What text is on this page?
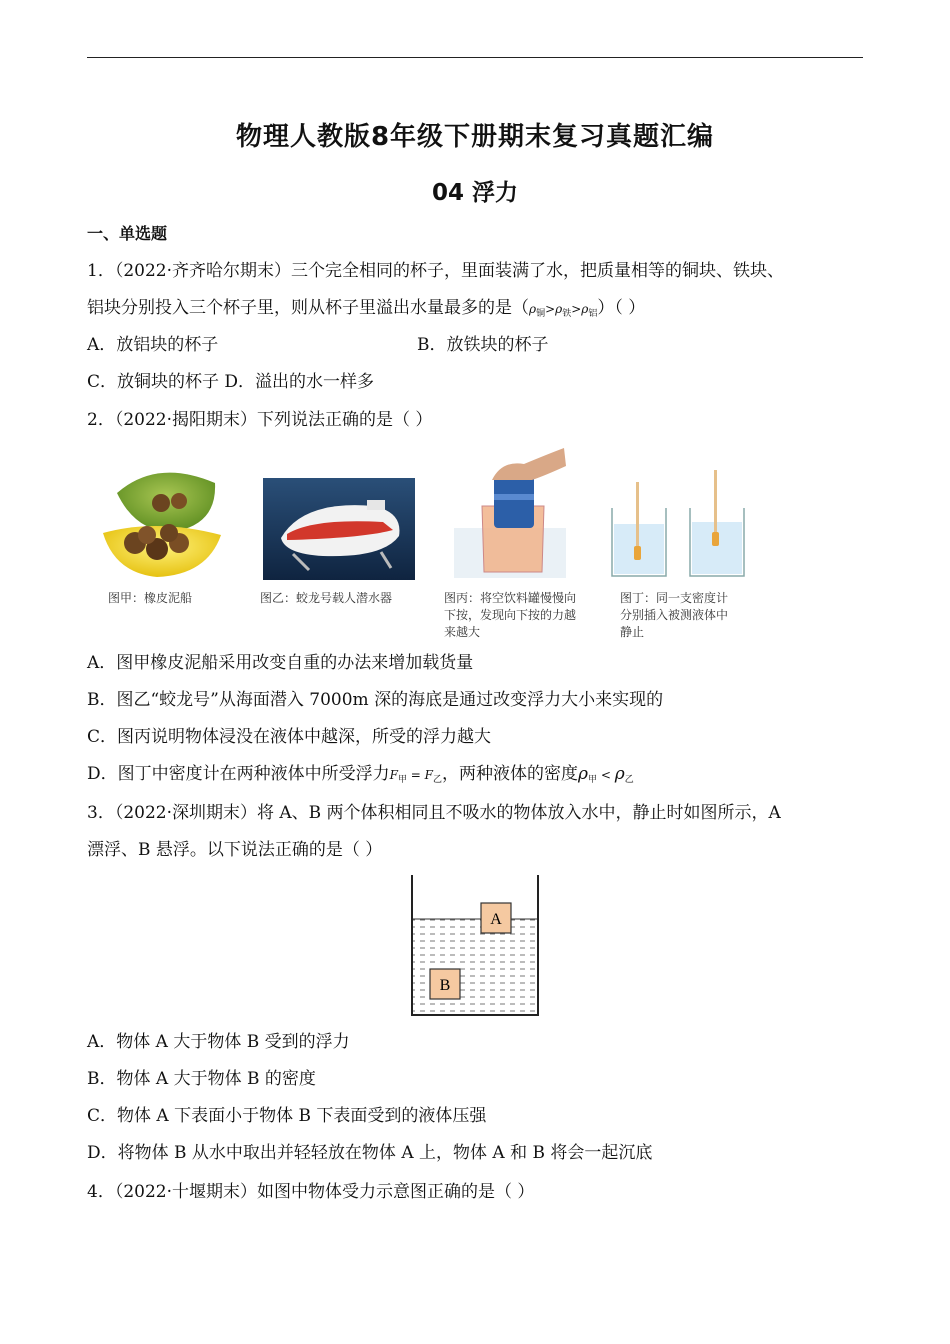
物理人教版8年级下册期末复习真题汇编
04 浮力
一、单选题
1．（2022·齐齐哈尔期末）三个完全相同的杯子，里面装满了水，把质量相等的铜块、铁块、
铝块分别投入三个杯子里，则从杯子里溢出水量最多的是$(\rho_铜>\rho_铁>\rho_铝)$（ ）
A．放铝块的杯子	B．放铁块的杯子
C．放铜块的杯子 D．溢出的水一样多
2．（2022·揭阳期末）下列说法正确的是（ ）
图甲：橡皮泥船	图乙：蛟龙号载人潜水器	图丙：将空饮料罐慢慢向
下按，发现向下按的力越
来越大
图丁：同一支密度计
分别插入被测液体中
静止
A．图甲橡皮泥船采用改变自重的办法来增加载货量
B．图乙“蛟龙号”从海面潜入 7000m 深的海底是通过改变浮力大小来实现的
C．图丙说明物体浸没在液体中越深，所受的浮力越大
D．图丁中密度计在两种液体中所受浮力$F_甲 = F_乙$，两种液体的密度$\rho_甲 < \rho_乙$
3．（2022·深圳期末）将 A、B 两个体积相同且不吸水的物体放入水中，静止时如图所示，A
漂浮、B 悬浮。以下说法正确的是（ ）
A
B
A．物体 A 大于物体 B 受到的浮力
B．物体 A 大于物体 B 的密度
C．物体 A 下表面小于物体 B 下表面受到的液体压强
D．将物体 B 从水中取出并轻轻放在物体 A 上，物体 A 和 B 将会一起沉底
4．（2022·十堰期末）如图中物体受力示意图正确的是（ ）
